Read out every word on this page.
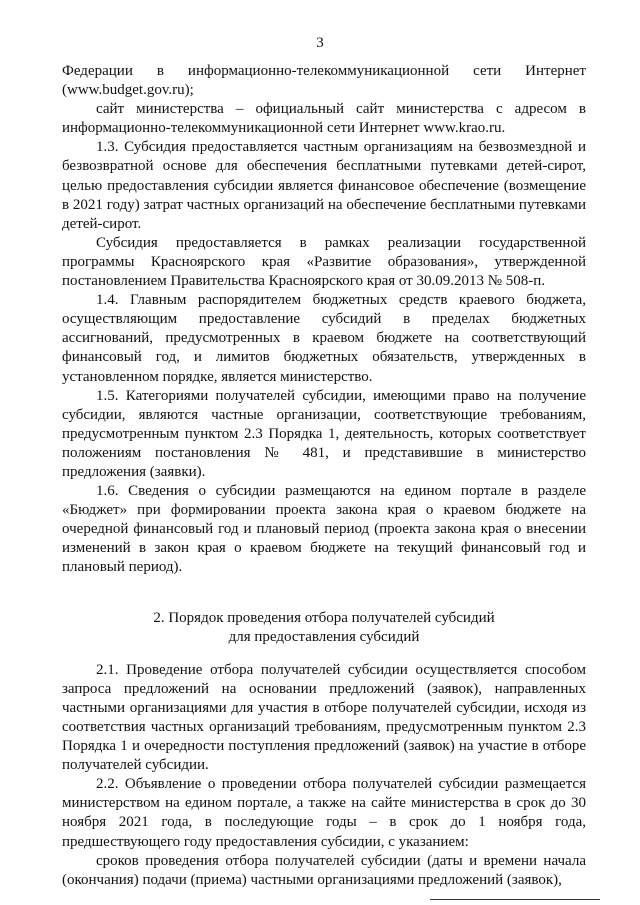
3

Федерации в информационно-телекоммуникационной сети Интернет (www.budget.gov.ru);

сайт министерства – официальный сайт министерства с адресом в информационно-телекоммуникационной сети Интернет www.krao.ru.

1.3. Субсидия предоставляется частным организациям на безвозмездной и безвозвратной основе для обеспечения бесплатными путевками детей-сирот, целью предоставления субсидии является финансовое обеспечение (возмещение в 2021 году) затрат частных организаций на обеспечение бесплатными путевками детей-сирот.

Субсидия предоставляется в рамках реализации государственной программы Красноярского края «Развитие образования», утвержденной постановлением Правительства Красноярского края от 30.09.2013 № 508-п.

1.4. Главным распорядителем бюджетных средств краевого бюджета, осуществляющим предоставление субсидий в пределах бюджетных ассигнований, предусмотренных в краевом бюджете на соответствующий финансовый год, и лимитов бюджетных обязательств, утвержденных в установленном порядке, является министерство.

1.5. Категориями получателей субсидии, имеющими право на получение субсидии, являются частные организации, соответствующие требованиям, предусмотренным пунктом 2.3 Порядка 1, деятельность, которых соответствует положениям постановления № 481, и представившие в министерство предложения (заявки).

1.6. Сведения о субсидии размещаются на едином портале в разделе «Бюджет» при формировании проекта закона края о краевом бюджете на очередной финансовый год и плановый период (проекта закона края о внесении изменений в закон края о краевом бюджете на текущий финансовый год и плановый период).

2. Порядок проведения отбора получателей субсидий
для предоставления субсидий

2.1. Проведение отбора получателей субсидии осуществляется способом запроса предложений на основании предложений (заявок), направленных частными организациями для участия в отборе получателей субсидии, исходя из соответствия частных организаций требованиям, предусмотренным пунктом 2.3 Порядка 1 и очередности поступления предложений (заявок) на участие в отборе получателей субсидии.

2.2. Объявление о проведении отбора получателей субсидии размещается министерством на едином портале, а также на сайте министерства в срок до 30 ноября 2021 года, в последующие годы – в срок до 1 ноября года, предшествующего году предоставления субсидии, с указанием:

сроков проведения отбора получателей субсидии (даты и времени начала (окончания) подачи (приема) частными организациями предложений (заявок),
